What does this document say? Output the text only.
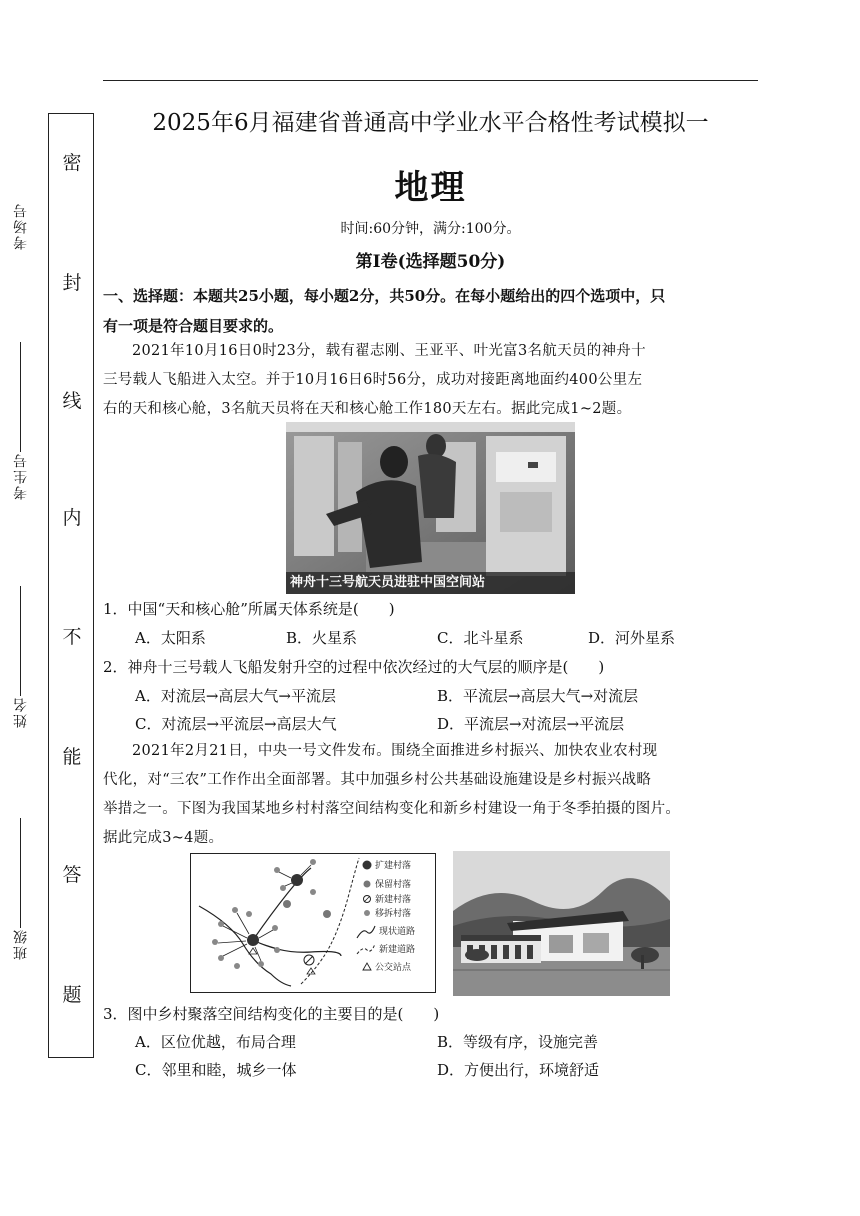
密
封
线
内
不
能
答
题
考场号
考生号
姓名
班级
2025年6月福建省普通高中学业水平合格性考试模拟一
地理
时间:60分钟，满分:100分。
第I卷(选择题50分)
一、选择题：本题共25小题，每小题2分，共50分。在每小题给出的四个选项中，只
有一项是符合题目要求的。
2021年10月16日0时23分，载有翟志刚、王亚平、叶光富3名航天员的神舟十
三号载人飞船进入太空。并于10月16日6时56分，成功对接距离地面约400公里左
右的天和核心舱，3名航天员将在天和核心舱工作180天左右。据此完成1~2题。
神舟十三号航天员进驻中国空间站
1．中国“天和核心舱”所属天体系统是(　　)
A．太阳系	B．火星系	C．北斗星系	D．河外星系
2．神舟十三号载人飞船发射升空的过程中依次经过的大气层的顺序是(　　)
A．对流层→高层大气→平流层	B．平流层→高层大气→对流层
C．对流层→平流层→高层大气	D．平流层→对流层→平流层
2021年2月21日，中央一号文件发布。围绕全面推进乡村振兴、加快农业农村现
代化，对“三农”工作作出全面部署。其中加强乡村公共基础设施建设是乡村振兴战略
举措之一。下图为我国某地乡村村落空间结构变化和新乡村建设一角于冬季拍摄的图片。
据此完成3~4题。
扩建村落
保留村落
新建村落
移拆村落
现状道路
新建道路
公交站点
3．图中乡村聚落空间结构变化的主要目的是(　　)
A．区位优越，布局合理	B．等级有序，设施完善
C．邻里和睦，城乡一体	D．方便出行，环境舒适
